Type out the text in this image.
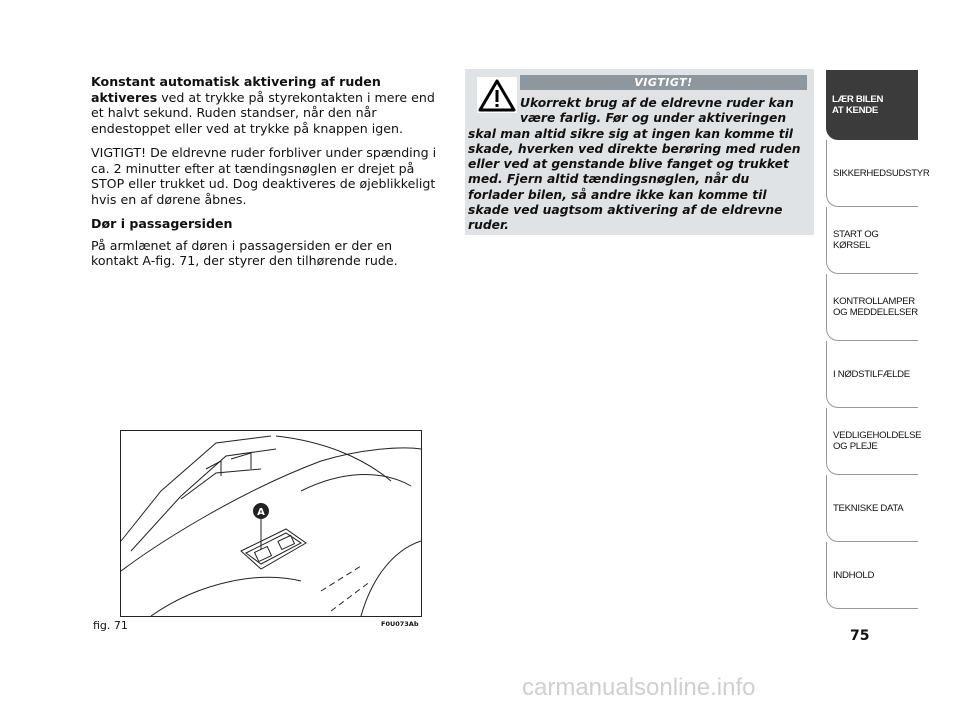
Konstant automatisk aktivering af ruden aktiveres ved at trykke på styrekontakten i mere end et halvt sekund. Ruden standser, når den når endestoppet eller ved at trykke på knappen igen.

VIGTIGT! De eldrevne ruder forbliver under spænding i ca. 2 minutter efter at tændingsnøglen er drejet på STOP eller trukket ud. Dog deaktiveres de øjeblikkeligt hvis en af dørene åbnes.

Dør i passagersiden

På armlænet af døren i passagersiden er der en kontakt A-fig. 71, der styrer den tilhørende rude.

VIGTIGT!
Ukorrekt brug af de eldrevne ruder kan være farlig. Før og under aktiveringen
skal man altid sikre sig at ingen kan komme til skade, hverken ved direkte berøring med ruden eller ved at genstande blive fanget og trukket med. Fjern altid tændingsnøglen, når du forlader bilen, så andre ikke kan komme til skade ved uagtsom aktivering af de eldrevne ruder.
A
fig. 71	F0U073Ab
LÆR BILEN
AT KENDE
SIKKERHEDSUDSTYR
START OG KØRSEL
KONTROLLAMPER
OG MEDDELELSER
I NØDSTILFÆLDE
VEDLIGEHOLDELSE
OG PLEJE
TEKNISKE DATA
INDHOLD
75
carmanualsonline.info
